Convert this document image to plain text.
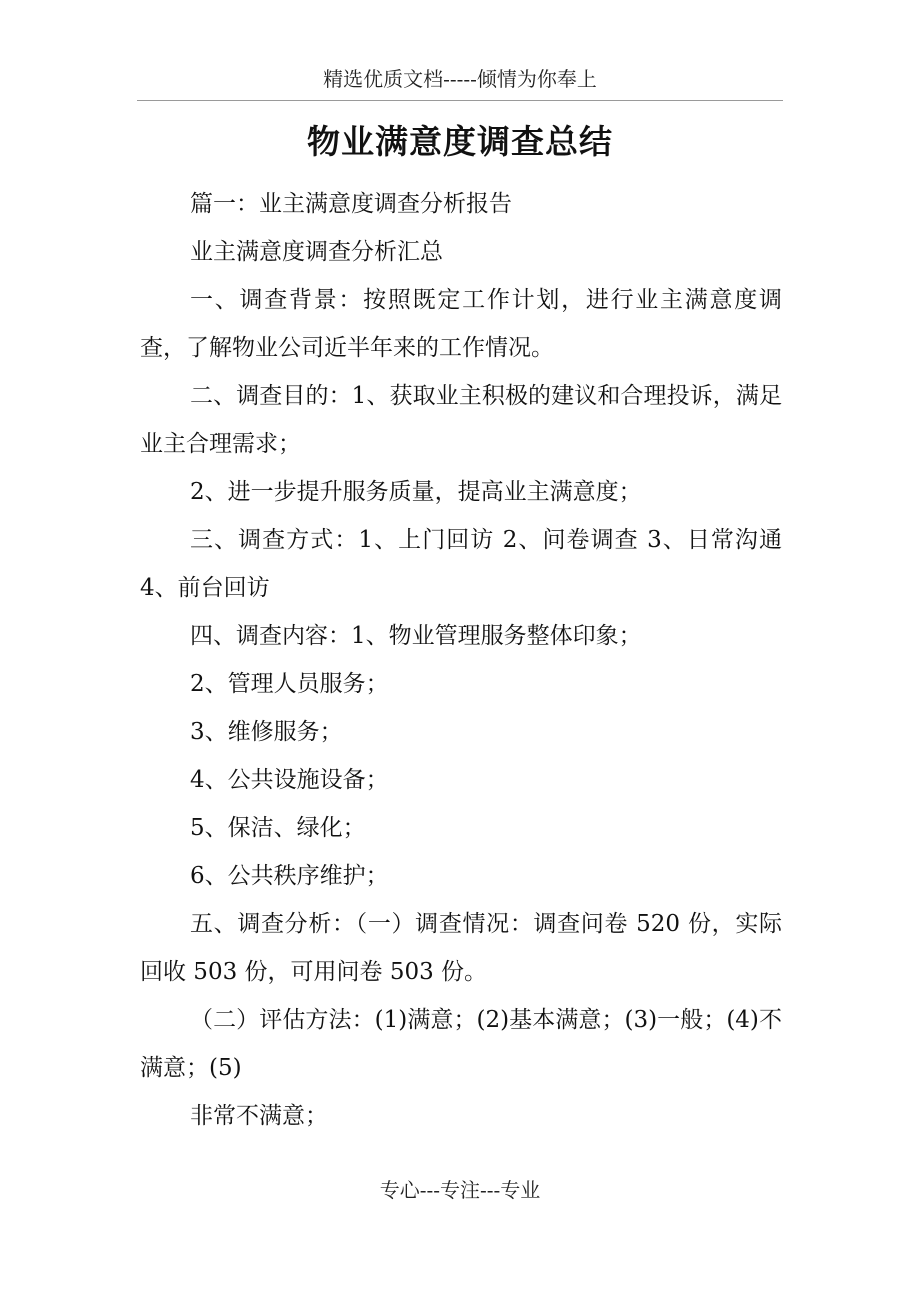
精选优质文档-----倾情为你奉上
物业满意度调查总结

篇一：业主满意度调查分析报告

业主满意度调查分析汇总

一、调查背景：按照既定工作计划，进行业主满意度调查，了解物业公司近半年来的工作情况。

二、调查目的：1、获取业主积极的建议和合理投诉，满足业主合理需求；

2、进一步提升服务质量，提高业主满意度；

三、调查方式：1、上门回访 2、问卷调查 3、日常沟通 4、前台回访

四、调查内容：1、物业管理服务整体印象；

2、管理人员服务；

3、维修服务；

4、公共设施设备；

5、保洁、绿化；

6、公共秩序维护；

五、调查分析：（一）调查情况：调查问卷 520 份，实际回收 503 份，可用问卷 503 份。

（二）评估方法：(1)满意；(2)基本满意；(3)一般；(4)不满意；(5)

非常不满意；

专心---专注---专业
